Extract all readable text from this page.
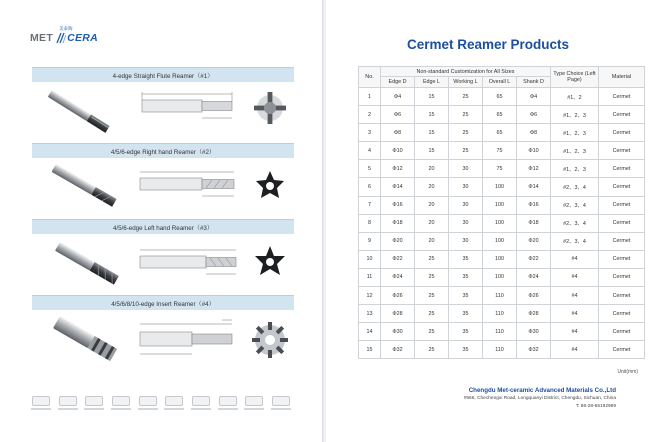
MET CERA
美泰陶
4-edge Straight Flute Reamer（#1）
4/5/6-edge Right hand Reamer（#2）
4/5/6-edge Left hand Reamer（#3）
4/5/6/8/10-edge Insert Reamer（#4）
Cermet Reamer Products
No.	Non-standard Customization for All Sizes					Type Choice (Left Page)	Material
	Edge D	Edge L	Working L	Overall L	Shank D		
1	Φ4	15	25	65	Φ4	#1、2	Cermet
2	Φ6	15	25	65	Φ6	#1、2、3	Cermet
3	Φ8	15	25	65	Φ8	#1、2、3	Cermet
4	Φ10	15	25	75	Φ10	#1、2、3	Cermet
5	Φ12	20	30	75	Φ12	#1、2、3	Cermet
6	Φ14	20	30	100	Φ14	#2、3、4	Cermet
7	Φ16	20	30	100	Φ16	#2、3、4	Cermet
8	Φ18	20	30	100	Φ18	#2、3、4	Cermet
9	Φ20	20	30	100	Φ20	#2、3、4	Cermet
10	Φ22	25	35	100	Φ22	#4	Cermet
11	Φ24	25	35	100	Φ24	#4	Cermet
12	Φ26	25	35	110	Φ26	#4	Cermet
13	Φ28	25	35	110	Φ28	#4	Cermet
14	Φ30	25	35	110	Φ30	#4	Cermet
15	Φ32	25	35	110	Φ32	#4	Cermet
Unit(mm)
Chengdu Met-ceramic Advanced Materials Co.,Ltd
#566, Chechengxi Road, Longquanyi District, Chengdu, Sichuan, China
T: 86-28-65192989
